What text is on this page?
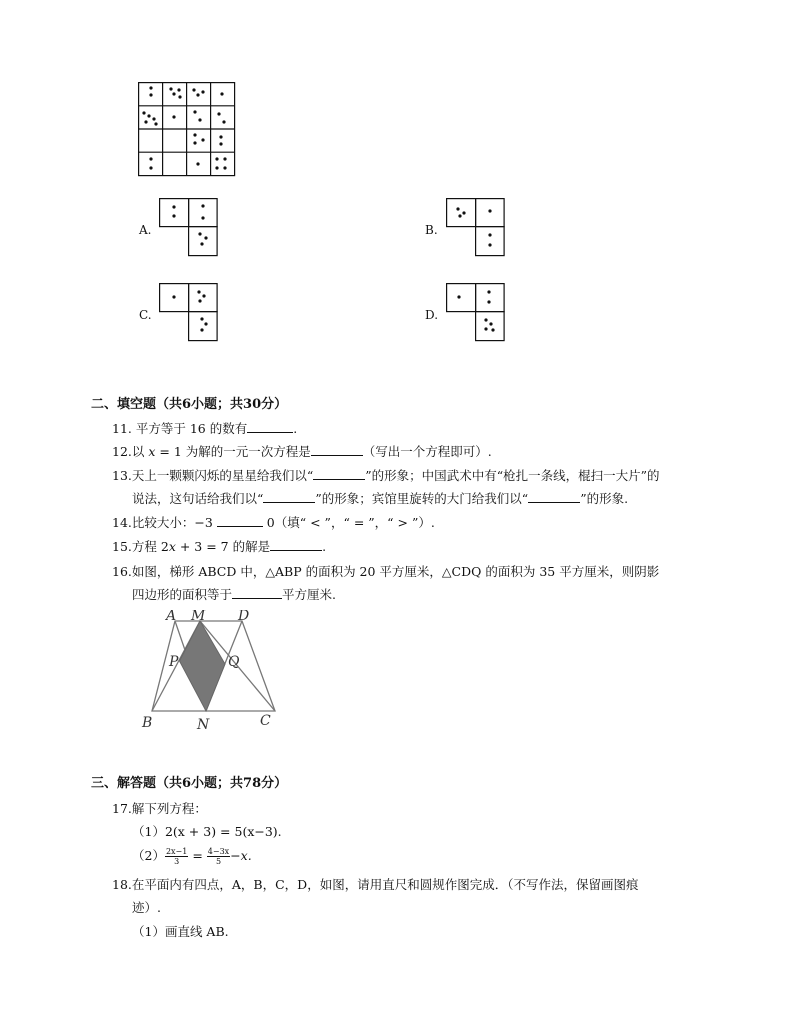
A.	B.
C.	D.
二、填空题（共6小题；共30分）
11. 平方等于 16 的数有	.
12.以 x = 1 为解的一元一次方程是	（写出一个方程即可）.
13.天上一颗颗闪烁的星星给我们以“	”的形象；中国武术中有“枪扎一条线，棍扫一大片”的
说法，这句话给我们以“	”的形象；宾馆里旋转的大门给我们以“	”的形象.
14.比较大小：−3	0（填“ < ”，“ = ”，“ > ”）.
15.方程 2x + 3 = 7 的解是	.
16.如图，梯形 ABCD 中，△ABP 的面积为 20 平方厘米，△CDQ 的面积为 35 平方厘米，则阴影
四边形的面积等于	平方厘米.
A M D
P	Q
B	N	C
三、解答题（共6小题；共78分）
17.解下列方程：
（1）2(x + 3) = 5(x−3).
$(2) \frac{2x-1}{3} = \frac{4-3x}{5} -x$.
18.在平面内有四点，A，B，C，D，如图，请用直尺和圆规作图完成．（不写作法，保留画图痕
迹）.
（1）画直线 AB.
